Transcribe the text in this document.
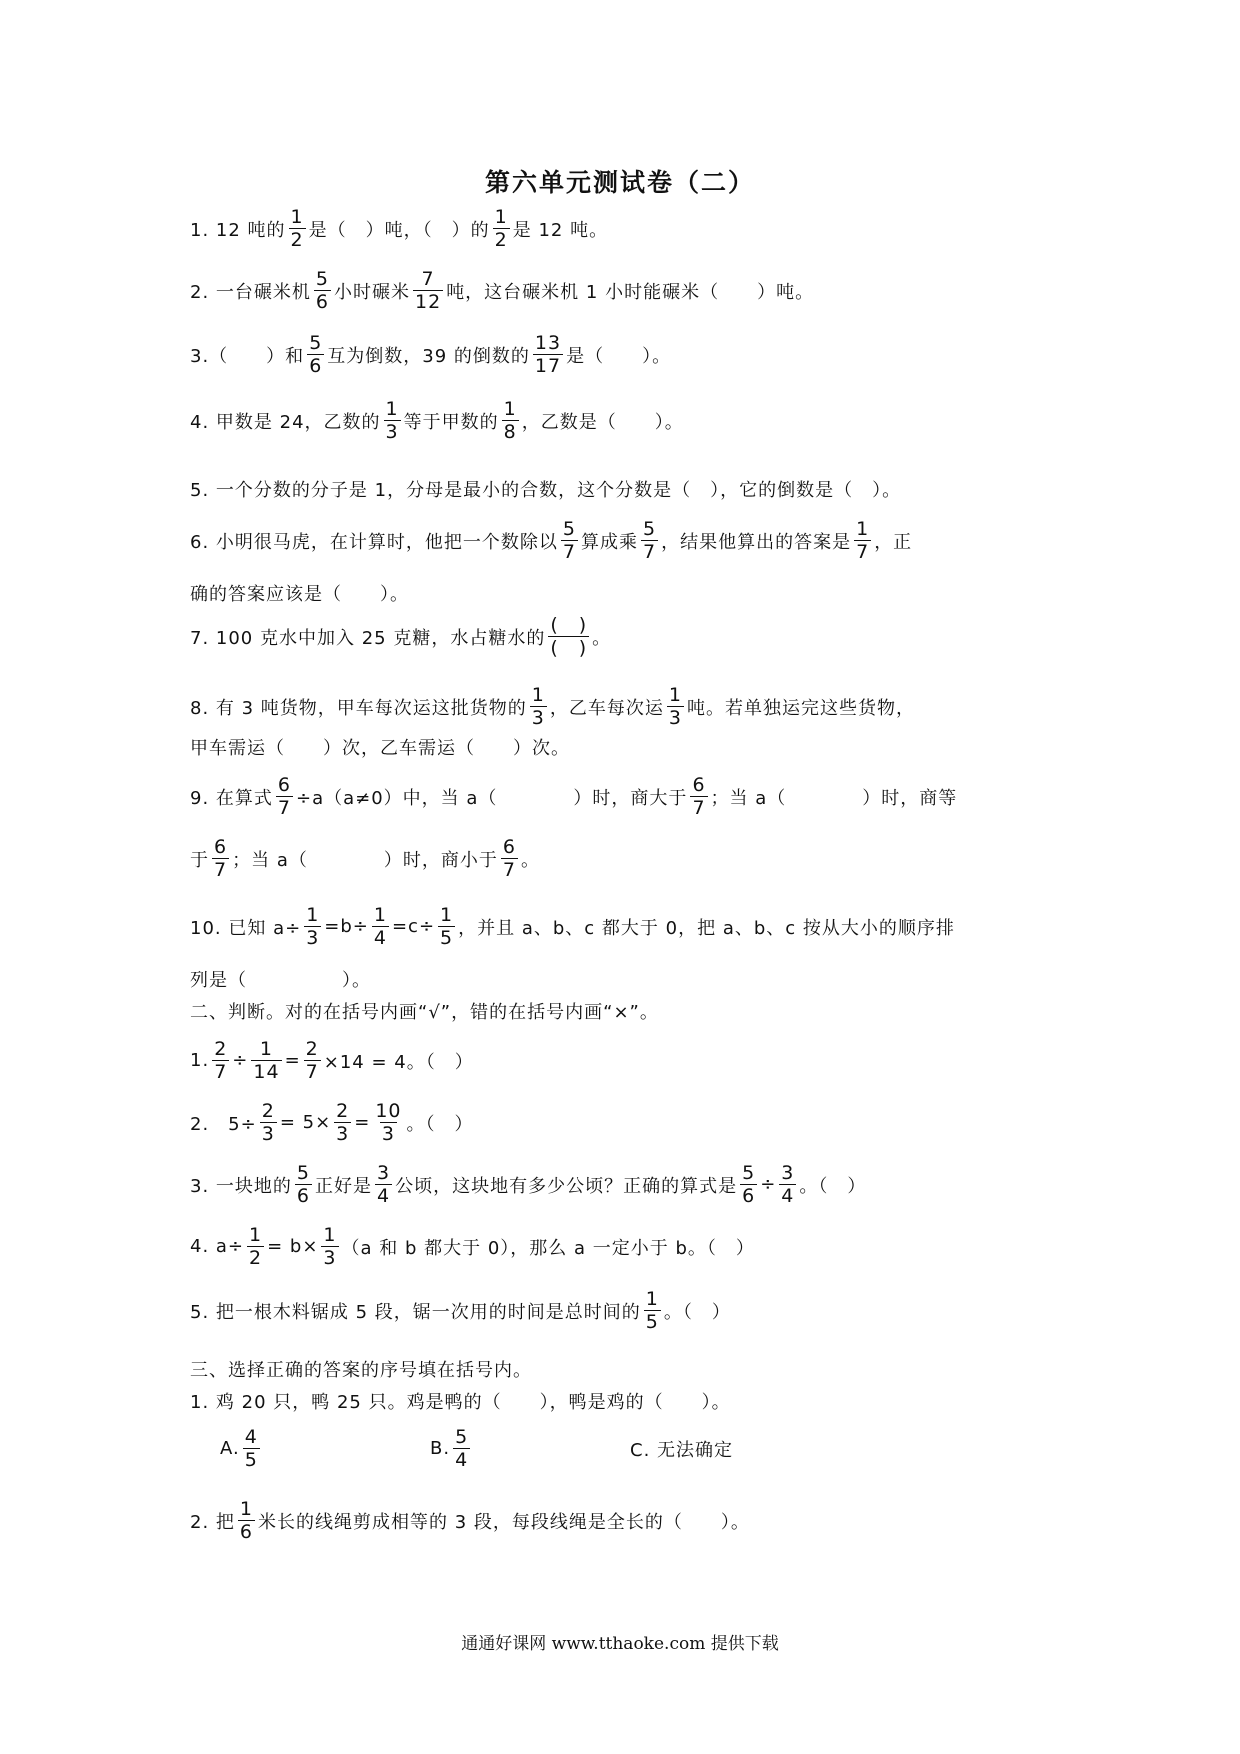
第六单元测试卷（二）
1. 12 吨的 $\frac{1}{2}$ 是（　）吨，（　）的 $\frac{1}{2}$ 是 12 吨。
2. 一台碾米机 $\frac{5}{6}$ 小时碾米 $\frac{7}{12}$ 吨，这台碾米机 1 小时能碾米（　　）吨。
3.（　　）和 $\frac{5}{6}$ 互为倒数，39 的倒数的 $\frac{13}{17}$ 是（　　）。
4. 甲数是 24，乙数的 $\frac{1}{3}$ 等于甲数的 $\frac{1}{8}$ ，乙数是（　　）。
5. 一个分数的分子是 1，分母是最小的合数，这个分数是（　），它的倒数是（　）。
6. 小明很马虎，在计算时，他把一个数除以 $\frac{5}{7}$ 算成乘 $\frac{5}{7}$ ，结果他算出的答案是 $\frac{1}{7}$ ，正
确的答案应该是（　　）。
7. 100 克水中加入 25 克糖，水占糖水的 $\frac{( )}{( )}$ 。
8. 有 3 吨货物，甲车每次运这批货物的 $\frac{1}{3}$ ，乙车每次运 $\frac{1}{3}$ 吨。若单独运完这些货物，
甲车需运（　　）次，乙车需运（　　）次。
9. 在算式 $\frac{6}{7} \div a(a\ne 0)$中，当 a（　　　　）时，商大于 $\frac{6}{7}$ ；当 a（　　　　）时，商等
于 $\frac{6}{7}$ ；当 a（　　　　）时，商小于 $\frac{6}{7}$ 。
10. 已知 $a\div \frac{1}{3} =b\div \frac{1}{4} =c\div \frac{1}{5}$ ，并且 a、b、c 都大于 0，把 a、b、c 按从大小的顺序排
列是（　　　　　）。
二、判断。对的在括号内画“√”，错的在括号内画“×”。
1. $\frac{2}{7} \div \frac{1}{14} = \frac{2}{7} \times 14 = 4$。（　）
2.　$5\div \frac{2}{3} = 5\times \frac{2}{3} = \frac{10}{3}$ 。（　）
3. 一块地的 $\frac{5}{6}$ 正好是 $\frac{3}{4}$ 公顷，这块地有多少公顷？正确的算式是 $\frac{5}{6} \div \frac{3}{4}$ 。（　）
4. $a\div \frac{1}{2} = b\times \frac{1}{3} (a$ 和 b 都大于 0），那么 a 一定小于 b。（　）
5. 把一根木料锯成 5 段，锯一次用的时间是总时间的 $\frac{1}{5}$ 。（　）
三、选择正确的答案的序号填在括号内。
1. 鸡 20 只，鸭 25 只。鸡是鸭的（　　），鸭是鸡的（　　）。
A. $\frac{4}{5}$	B. $\frac{5}{4}$	C. 无法确定
2. 把 $\frac{1}{6}$ 米长的线绳剪成相等的 3 段，每段线绳是全长的（　　）。
通通好课网 www.tthaoke.com 提供下载
